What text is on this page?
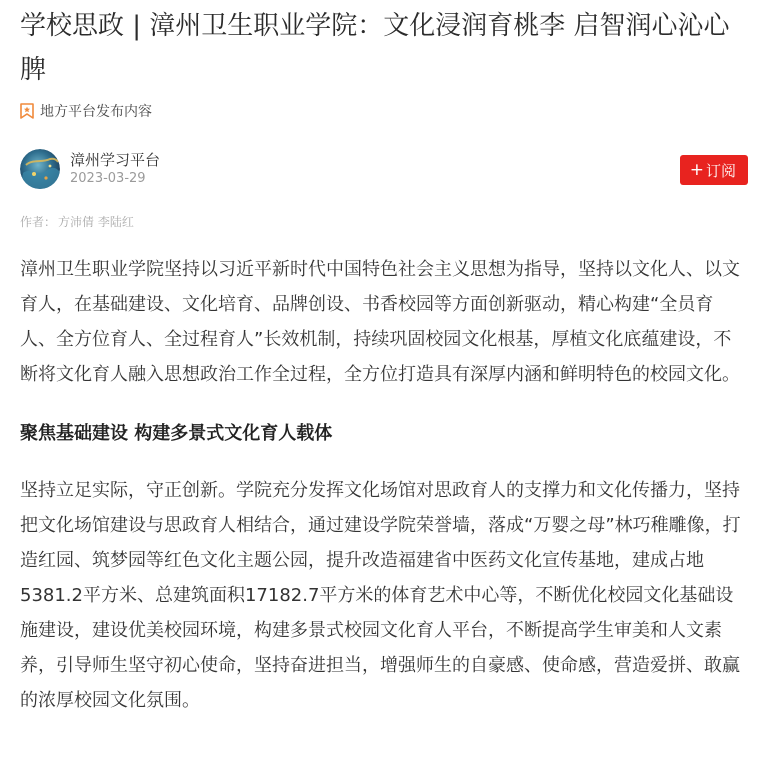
学校思政 | 漳州卫生职业学院：文化浸润育桃李 启智润心沁心脾
地方平台发布内容
漳州学习平台
2023-03-29	+ 订阅
作者： 方沛倩 李陆红

漳州卫生职业学院坚持以习近平新时代中国特色社会主义思想为指导，坚持以文化人、以文育人，在基础建设、文化培育、品牌创设、书香校园等方面创新驱动，精心构建“全员育人、全方位育人、全过程育人”长效机制，持续巩固校园文化根基，厚植文化底蕴建设，不断将文化育人融入思想政治工作全过程，全方位打造具有深厚内涵和鲜明特色的校园文化。

聚焦基础建设 构建多景式文化育人载体

坚持立足实际，守正创新。学院充分发挥文化场馆对思政育人的支撑力和文化传播力，坚持把文化场馆建设与思政育人相结合，通过建设学院荣誉墙，落成“万婴之母”林巧稚雕像，打造红园、筑梦园等红色文化主题公园，提升改造福建省中医药文化宣传基地，建成占地5381.2平方米、总建筑面积17182.7平方米的体育艺术中心等，不断优化校园文化基础设施建设，建设优美校园环境，构建多景式校园文化育人平台，不断提高学生审美和人文素养，引导师生坚守初心使命，坚持奋进担当，增强师生的自豪感、使命感，营造爱拼、敢赢的浓厚校园文化氛围。
